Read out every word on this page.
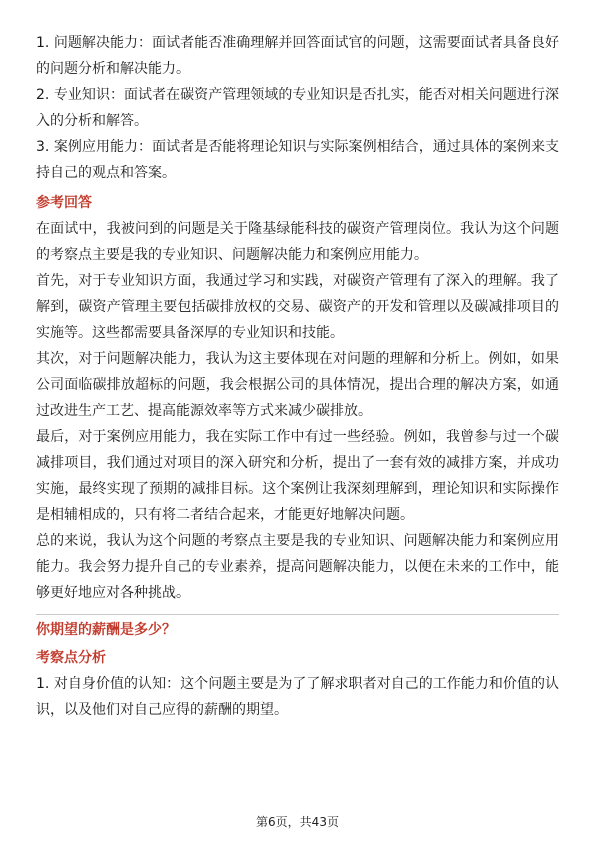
1. 问题解决能力：面试者能否准确理解并回答面试官的问题，这需要面试者具备良好的问题分析和解决能力。

2. 专业知识：面试者在碳资产管理领域的专业知识是否扎实，能否对相关问题进行深入的分析和解答。

3. 案例应用能力：面试者是否能将理论知识与实际案例相结合，通过具体的案例来支持自己的观点和答案。

参考回答

在面试中，我被问到的问题是关于隆基绿能科技的碳资产管理岗位。我认为这个问题的考察点主要是我的专业知识、问题解决能力和案例应用能力。

首先，对于专业知识方面，我通过学习和实践，对碳资产管理有了深入的理解。我了解到，碳资产管理主要包括碳排放权的交易、碳资产的开发和管理以及碳减排项目的实施等。这些都需要具备深厚的专业知识和技能。

其次，对于问题解决能力，我认为这主要体现在对问题的理解和分析上。例如，如果公司面临碳排放超标的问题，我会根据公司的具体情况，提出合理的解决方案，如通过改进生产工艺、提高能源效率等方式来减少碳排放。

最后，对于案例应用能力，我在实际工作中有过一些经验。例如，我曾参与过一个碳减排项目，我们通过对项目的深入研究和分析，提出了一套有效的减排方案，并成功实施，最终实现了预期的减排目标。这个案例让我深刻理解到，理论知识和实际操作是相辅相成的，只有将二者结合起来，才能更好地解决问题。

总的来说，我认为这个问题的考察点主要是我的专业知识、问题解决能力和案例应用能力。我会努力提升自己的专业素养，提高问题解决能力，以便在未来的工作中，能够更好地应对各种挑战。

你期望的薪酬是多少？
考察点分析

1. 对自身价值的认知：这个问题主要是为了了解求职者对自己的工作能力和价值的认识，以及他们对自己应得的薪酬的期望。

第6页，共43页
